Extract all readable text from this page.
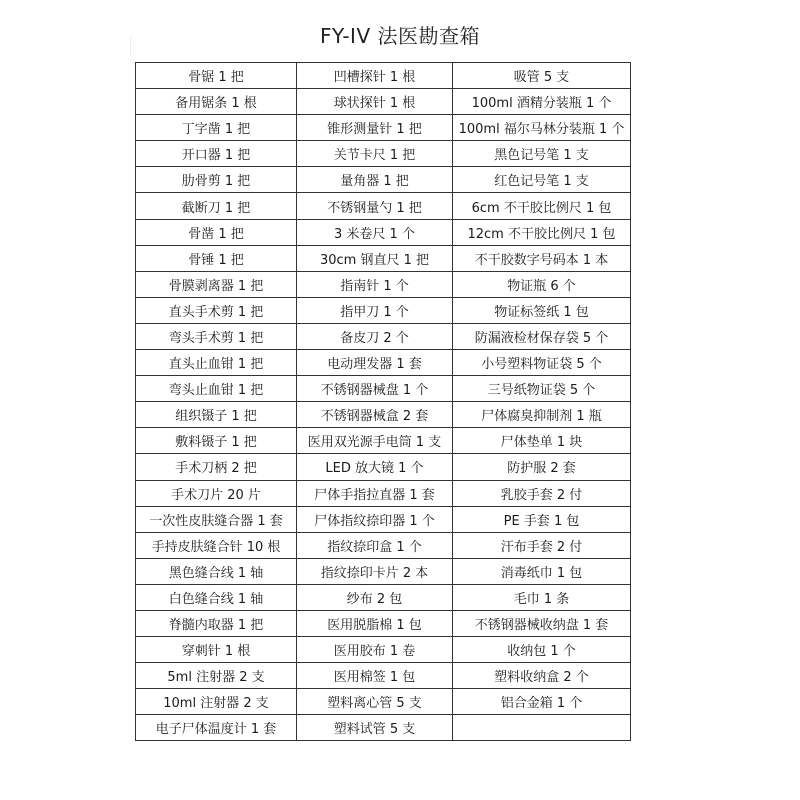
FY-IV 法医勘查箱
骨锯 1 把	凹槽探针 1 根	吸管 5 支
备用锯条 1 根	球状探针 1 根	100ml 酒精分装瓶 1 个
丁字凿 1 把	锥形测量针 1 把	100ml 福尔马林分装瓶 1 个
开口器 1 把	关节卡尺 1 把	黑色记号笔 1 支
肋骨剪 1 把	量角器 1 把	红色记号笔 1 支
截断刀 1 把	不锈钢量勺 1 把	6cm 不干胶比例尺 1 包
骨凿 1 把	3 米卷尺 1 个	12cm 不干胶比例尺 1 包
骨锤 1 把	30cm 钢直尺 1 把	不干胶数字号码本 1 本
骨膜剥离器 1 把	指南针 1 个	物证瓶 6 个
直头手术剪 1 把	指甲刀 1 个	物证标签纸 1 包
弯头手术剪 1 把	备皮刀 2 个	防漏液检材保存袋 5 个
直头止血钳 1 把	电动理发器 1 套	小号塑料物证袋 5 个
弯头止血钳 1 把	不锈钢器械盘 1 个	三号纸物证袋 5 个
组织镊子 1 把	不锈钢器械盒 2 套	尸体腐臭抑制剂 1 瓶
敷料镊子 1 把	医用双光源手电筒 1 支	尸体垫单 1 块
手术刀柄 2 把	LED 放大镜 1 个	防护服 2 套
手术刀片 20 片	尸体手指拉直器 1 套	乳胶手套 2 付
一次性皮肤缝合器 1 套	尸体指纹捺印器 1 个	PE 手套 1 包
手持皮肤缝合针 10 根	指纹捺印盒 1 个	汗布手套 2 付
黑色缝合线 1 轴	指纹捺印卡片 2 本	消毒纸巾 1 包
白色缝合线 1 轴	纱布 2 包	毛巾 1 条
脊髓内取器 1 把	医用脱脂棉 1 包	不锈钢器械收纳盘 1 套
穿刺针 1 根	医用胶布 1 卷	收纳包 1 个
5ml 注射器 2 支	医用棉签 1 包	塑料收纳盒 2 个
10ml 注射器 2 支	塑料离心管 5 支	铝合金箱 1 个
电子尸体温度计 1 套	塑料试管 5 支	
